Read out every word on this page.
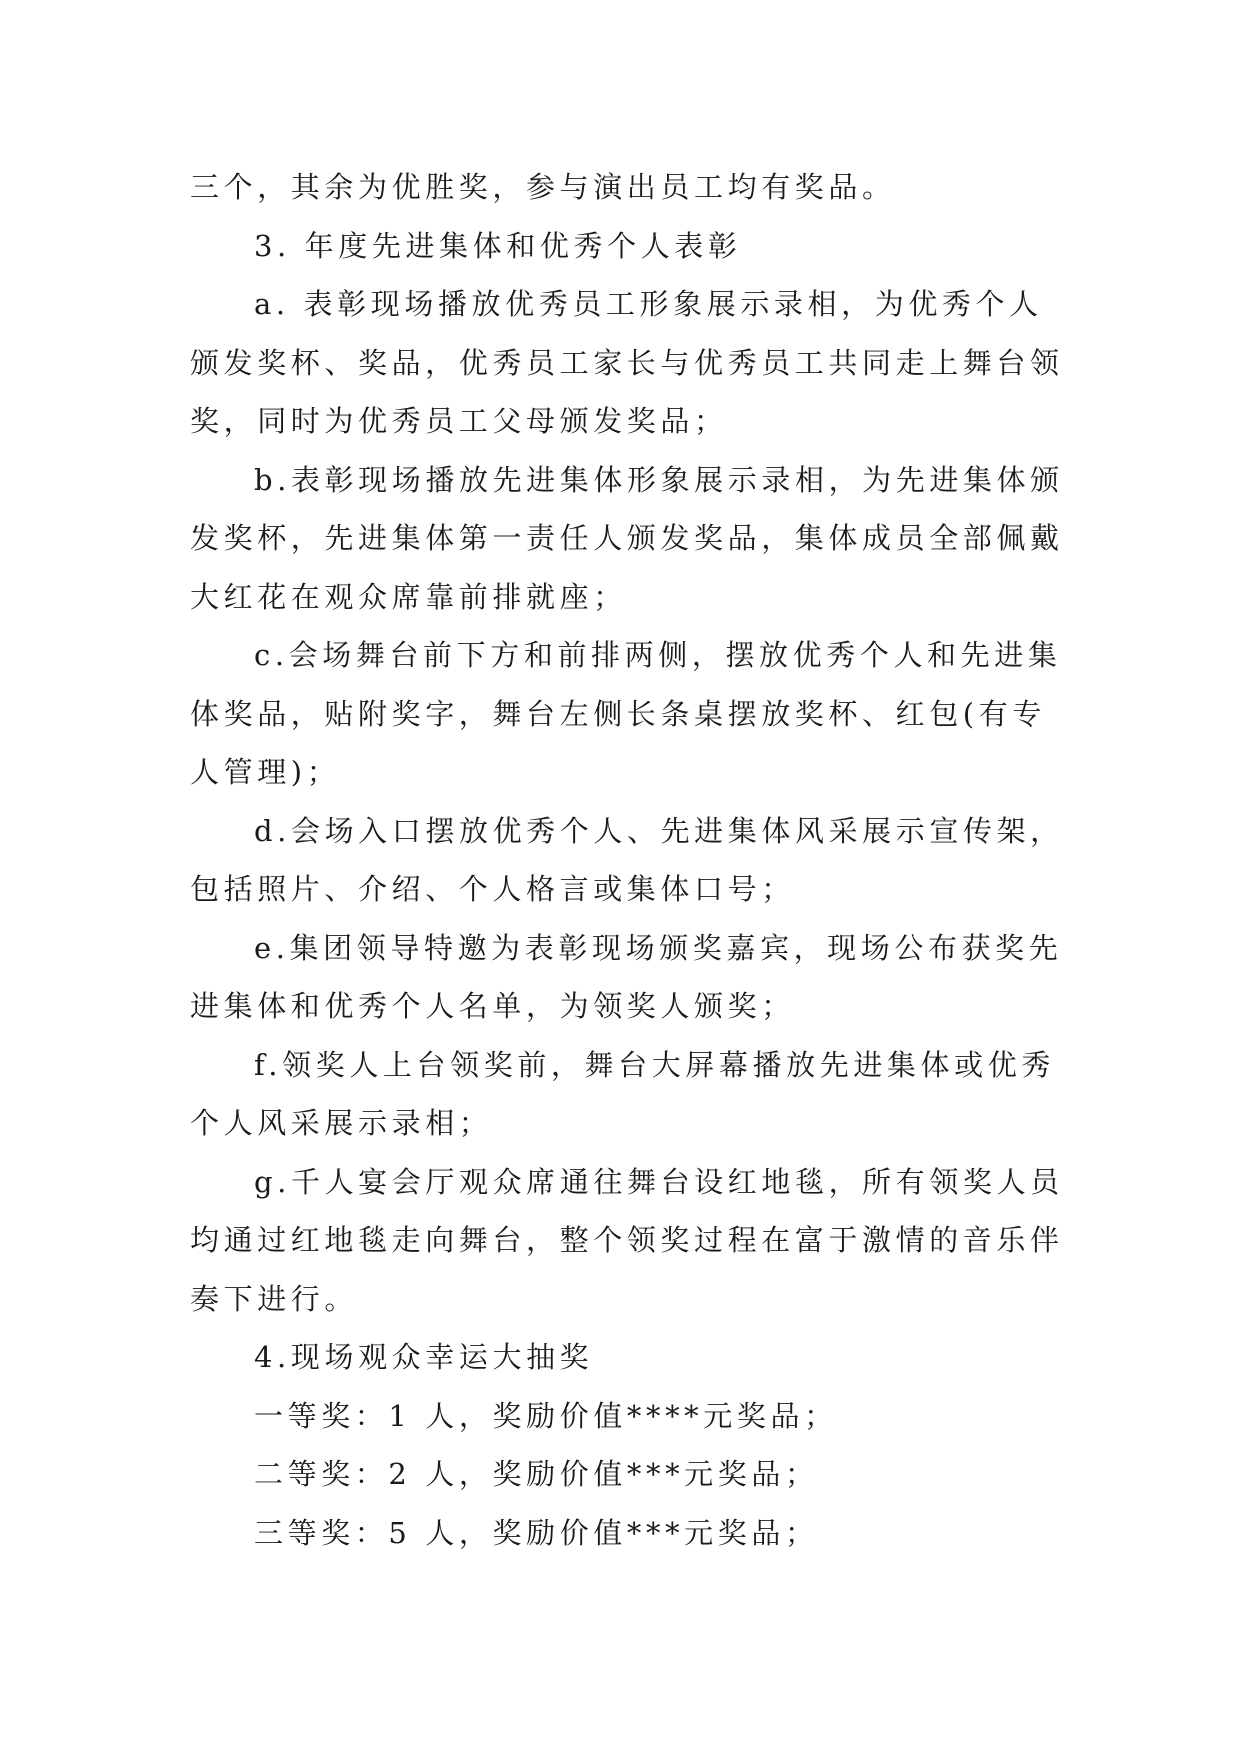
三个，其余为优胜奖，参与演出员工均有奖品。

3. 年度先进集体和优秀个人表彰

a. 表彰现场播放优秀员工形象展示录相，为优秀个人颁发奖杯、奖品，优秀员工家长与优秀员工共同走上舞台领奖，同时为优秀员工父母颁发奖品；

b.表彰现场播放先进集体形象展示录相，为先进集体颁发奖杯，先进集体第一责任人颁发奖品，集体成员全部佩戴大红花在观众席靠前排就座；

c.会场舞台前下方和前排两侧，摆放优秀个人和先进集体奖品，贴附奖字，舞台左侧长条桌摆放奖杯、红包(有专人管理)；

d.会场入口摆放优秀个人、先进集体风采展示宣传架，包括照片、介绍、个人格言或集体口号；

e.集团领导特邀为表彰现场颁奖嘉宾，现场公布获奖先进集体和优秀个人名单，为领奖人颁奖；

f.领奖人上台领奖前，舞台大屏幕播放先进集体或优秀个人风采展示录相；

g.千人宴会厅观众席通往舞台设红地毯，所有领奖人员均通过红地毯走向舞台，整个领奖过程在富于激情的音乐伴奏下进行。

4.现场观众幸运大抽奖

一等奖：1 人，奖励价值****元奖品；

二等奖：2 人，奖励价值***元奖品；

三等奖：5 人，奖励价值***元奖品；
